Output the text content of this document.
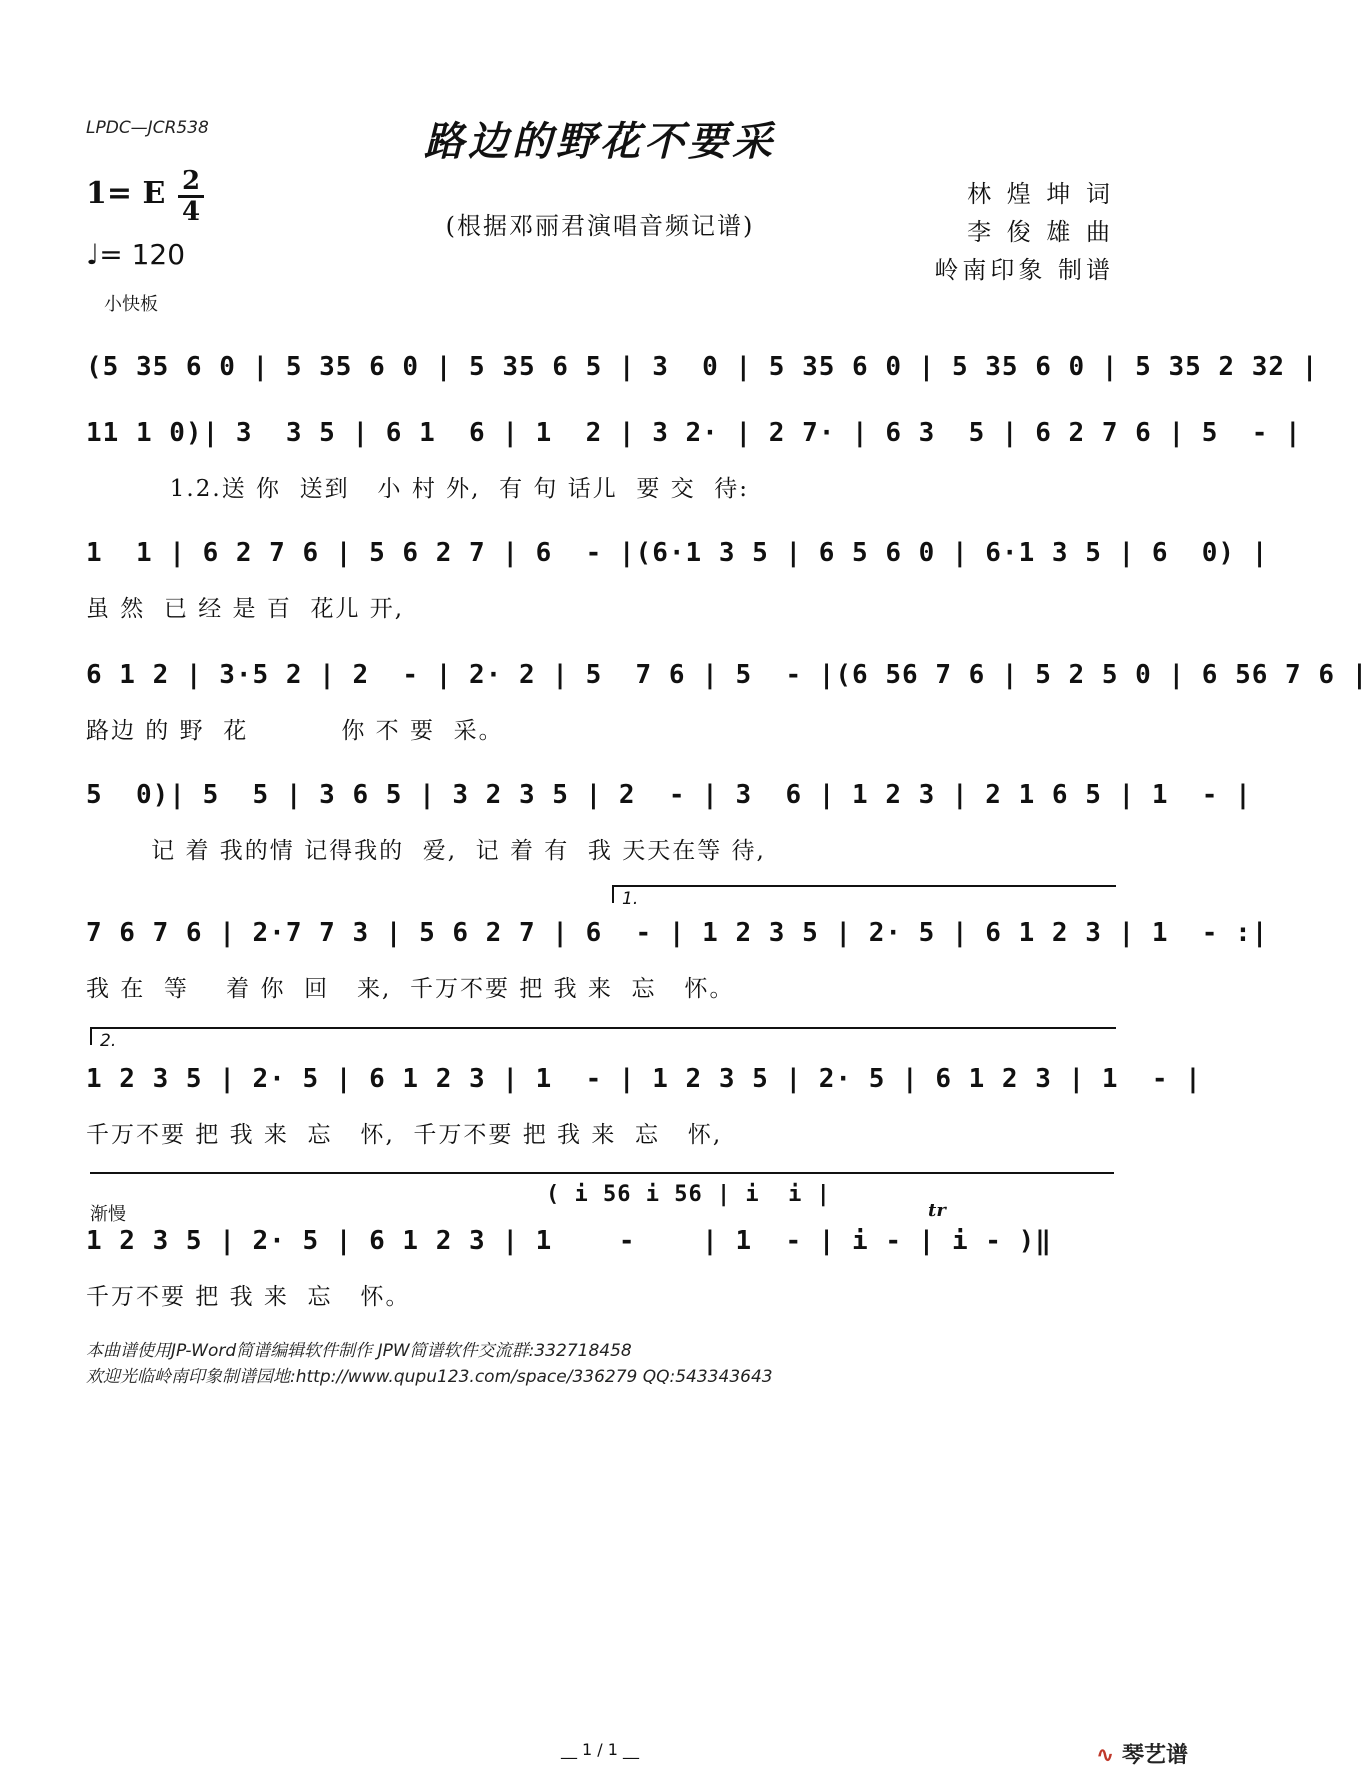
LPDC—JCR538	路边的野花不要采
(根据邓丽君演唱音频记谱)
1= E 2
4
♩= 120
小快板
林 煌 坤 词
李 俊 雄 曲
岭南印象 制谱
(5 35 6 0 | 5 35 6 0 | 5 35 6 5 | 3  0 | 5 35 6 0 | 5 35 6 0 | 5 35 2 32 |
11 1 0)| 3  3 5 | 6 1  6 | 1  2 | 3 2· | 2 7· | 6 3  5 | 6 2 7 6 | 5  - |
1.2.送 你  送到   小 村 外,  有 句 话儿  要 交  待:
1  1 | 6 2 7 6 | 5 6 2 7 | 6  - |(6·1 3 5 | 6 5 6 0 | 6·1 3 5 | 6  0) |
虽 然  已 经 是 百  花儿 开,
6 1 2 | 3·5 2 | 2  - | 2· 2 | 5  7 6 | 5  - |(6 56 7 6 | 5 2 5 0 | 6 56 7 6 |
路边 的 野  花          你 不 要  采。
5  0)| 5  5 | 3 6 5 | 3 2 3 5 | 2  - | 3  6 | 1 2 3 | 2 1 6 5 | 1  - |
记 着 我的情 记得我的  爱,  记 着 有  我 天天在等 待,
1.
7 6 7 6 | 2·7 7 3 | 5 6 2 7 | 6  - | 1 2 3 5 | 2· 5 | 6 1 2 3 | 1  - :|
我 在  等    着 你  回   来,  千万不要 把 我 来  忘   怀。
2.
1 2 3 5 | 2· 5 | 6 1 2 3 | 1  - | 1 2 3 5 | 2· 5 | 6 1 2 3 | 1  - |
千万不要 把 我 来  忘   怀,  千万不要 把 我 来  忘   怀,
渐慢
( i 56 i 56 | i  i |
tr
1 2 3 5 | 2· 5 | 6 1 2 3 | 1    -    | 1  - | i - | i - )‖
千万不要 把 我 来  忘   怀。
本曲谱使用JP-Word简谱编辑软件制作 JPW简谱软件交流群:332718458
欢迎光临岭南印象制谱园地:http://www.qupu123.com/space/336279 QQ:543343643
__ 1 / 1 __	∿ 琴艺谱
